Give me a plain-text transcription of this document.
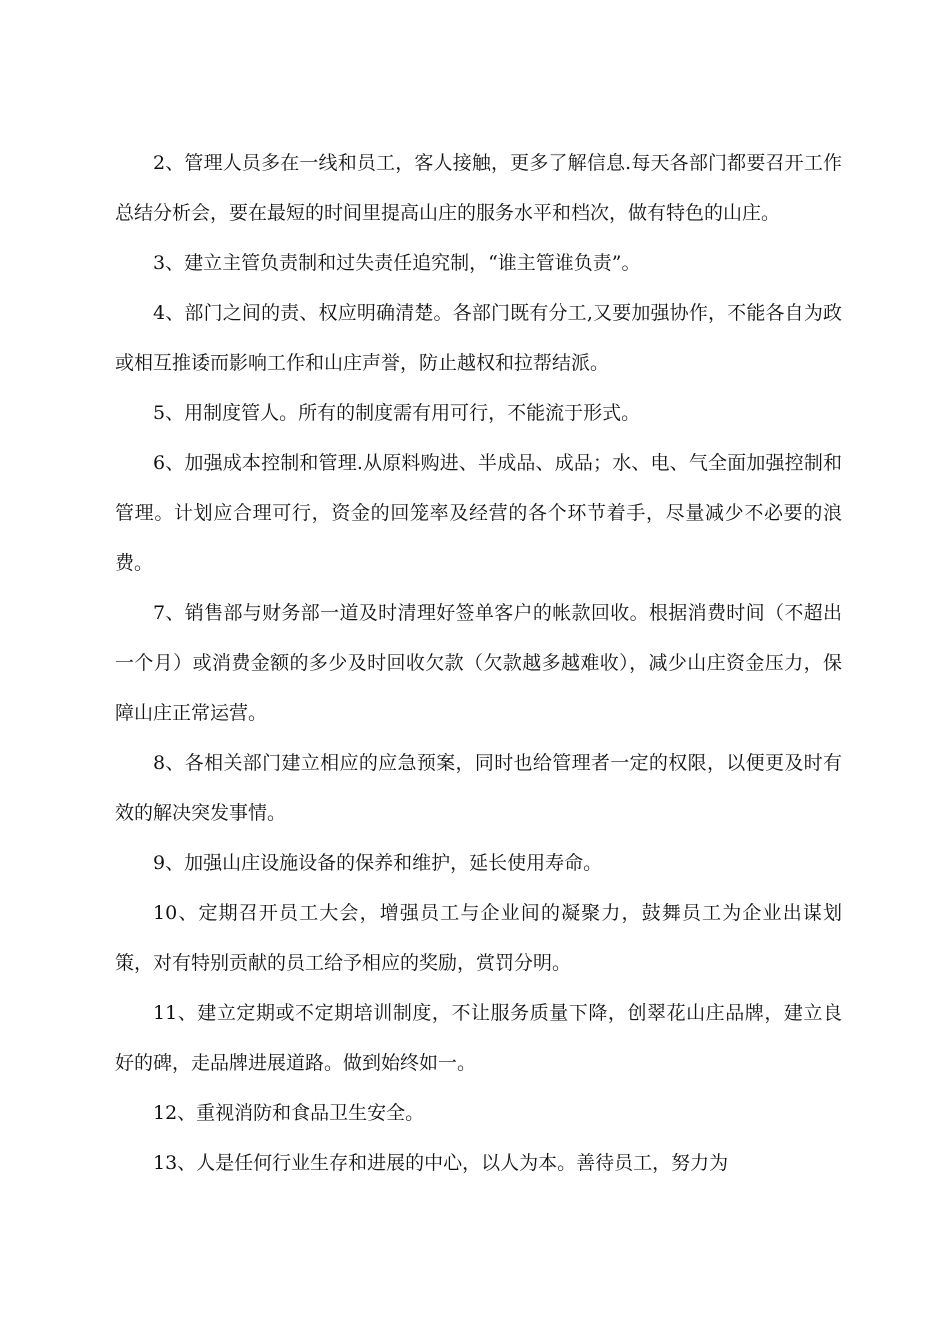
2、管理人员多在一线和员工，客人接触，更多了解信息.每天各部门都要召开工作总结分析会，要在最短的时间里提高山庄的服务水平和档次，做有特色的山庄。

3、建立主管负责制和过失责任追究制，“谁主管谁负责”。

4、部门之间的责、权应明确清楚。各部门既有分工,又要加强协作，不能各自为政或相互推诿而影响工作和山庄声誉，防止越权和拉帮结派。

5、用制度管人。所有的制度需有用可行，不能流于形式。

6、加强成本控制和管理.从原料购进、半成品、成品；水、电、气全面加强控制和管理。计划应合理可行，资金的回笼率及经营的各个环节着手，尽量减少不必要的浪费。

7、销售部与财务部一道及时清理好签单客户的帐款回收。根据消费时间（不超出一个月）或消费金额的多少及时回收欠款（欠款越多越难收），减少山庄资金压力，保障山庄正常运营。

8、各相关部门建立相应的应急预案，同时也给管理者一定的权限，以便更及时有效的解决突发事情。

9、加强山庄设施设备的保养和维护，延长使用寿命。

10、定期召开员工大会，增强员工与企业间的凝聚力，鼓舞员工为企业出谋划策，对有特别贡献的员工给予相应的奖励，赏罚分明。

11、建立定期或不定期培训制度，不让服务质量下降，创翠花山庄品牌，建立良好的碑，走品牌进展道路。做到始终如一。

12、重视消防和食品卫生安全。

13、人是任何行业生存和进展的中心，以人为本。善待员工，努力为
